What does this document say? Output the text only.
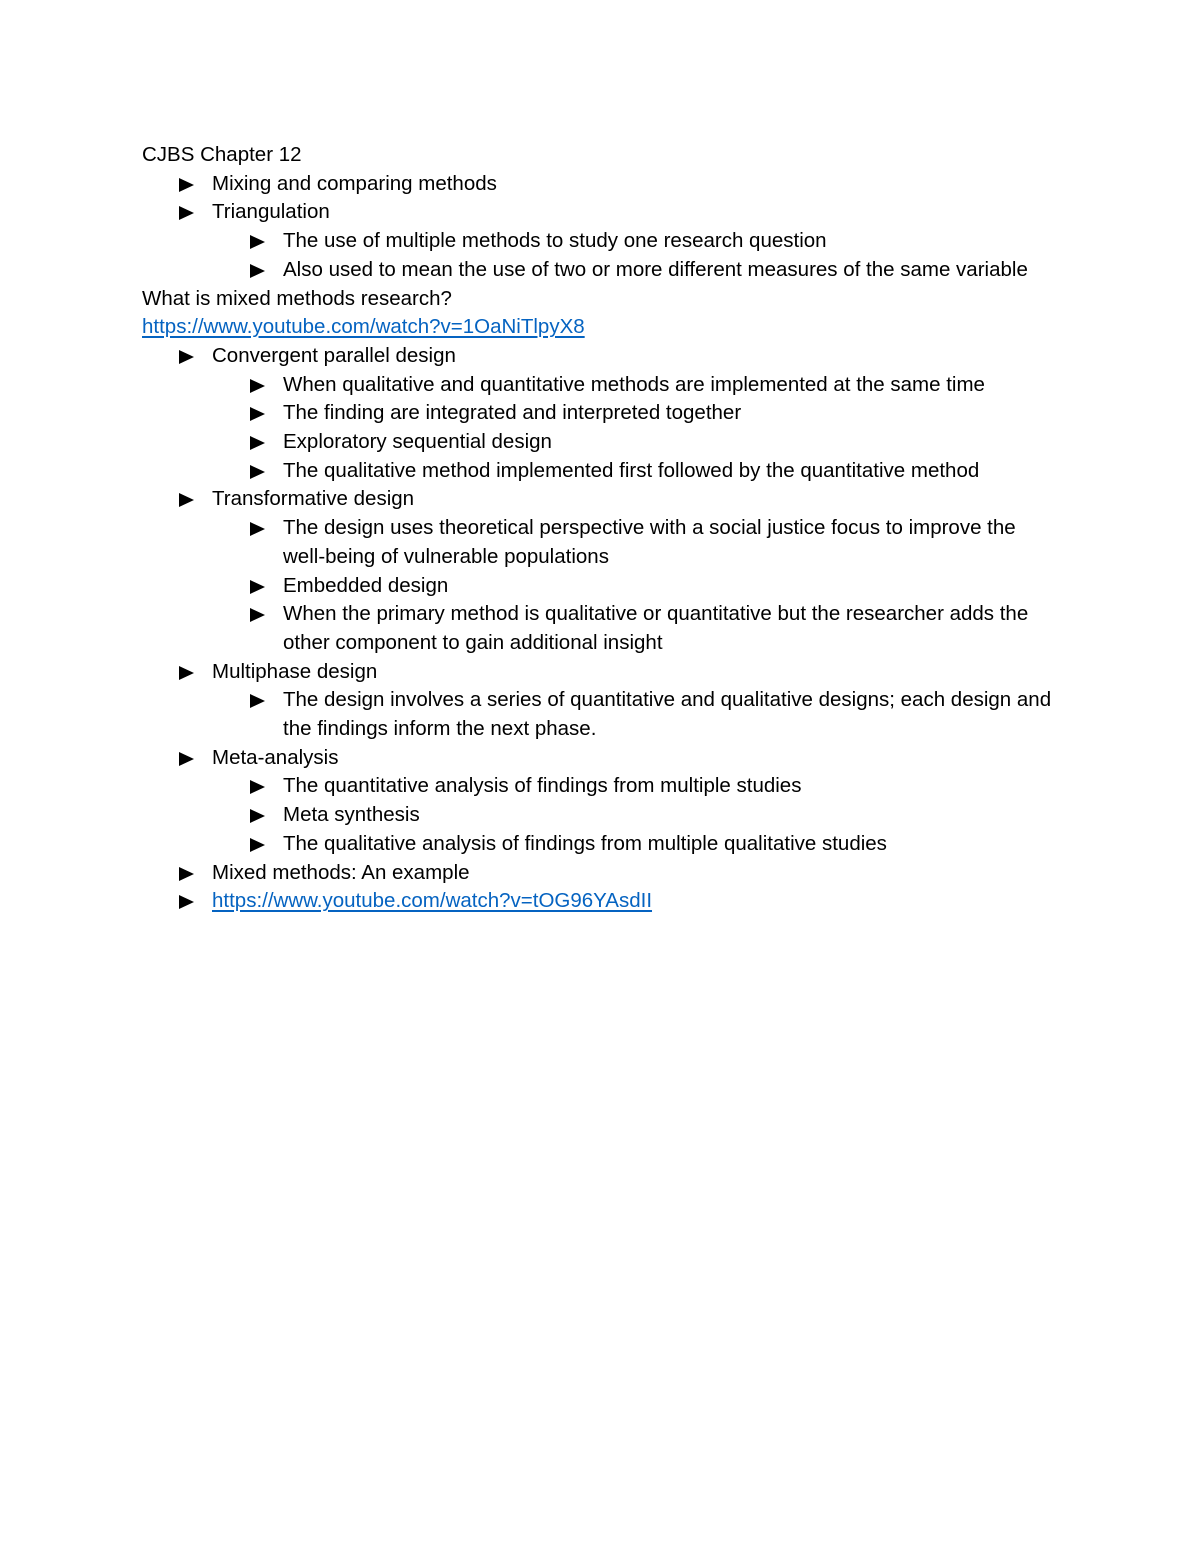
CJBS Chapter 12

Mixing and comparing methods
Triangulation
The use of multiple methods to study one research question
Also used to mean the use of two or more different measures of the same variable

What is mixed methods research?

https://www.youtube.com/watch?v=1OaNiTlpyX8

Convergent parallel design
When qualitative and quantitative methods are implemented at the same time
The finding are integrated and interpreted together
Exploratory sequential design
The qualitative method implemented first followed by the quantitative method
Transformative design
The design uses theoretical perspective with a social justice focus to improve the well-being of vulnerable populations
Embedded design
When the primary method is qualitative or quantitative but the researcher adds the other component to gain additional insight
Multiphase design
The design involves a series of quantitative and qualitative designs; each design and the findings inform the next phase.
Meta-analysis
The quantitative analysis of findings from multiple studies
Meta synthesis
The qualitative analysis of findings from multiple qualitative studies
Mixed methods: An example
https://www.youtube.com/watch?v=tOG96YAsdII
